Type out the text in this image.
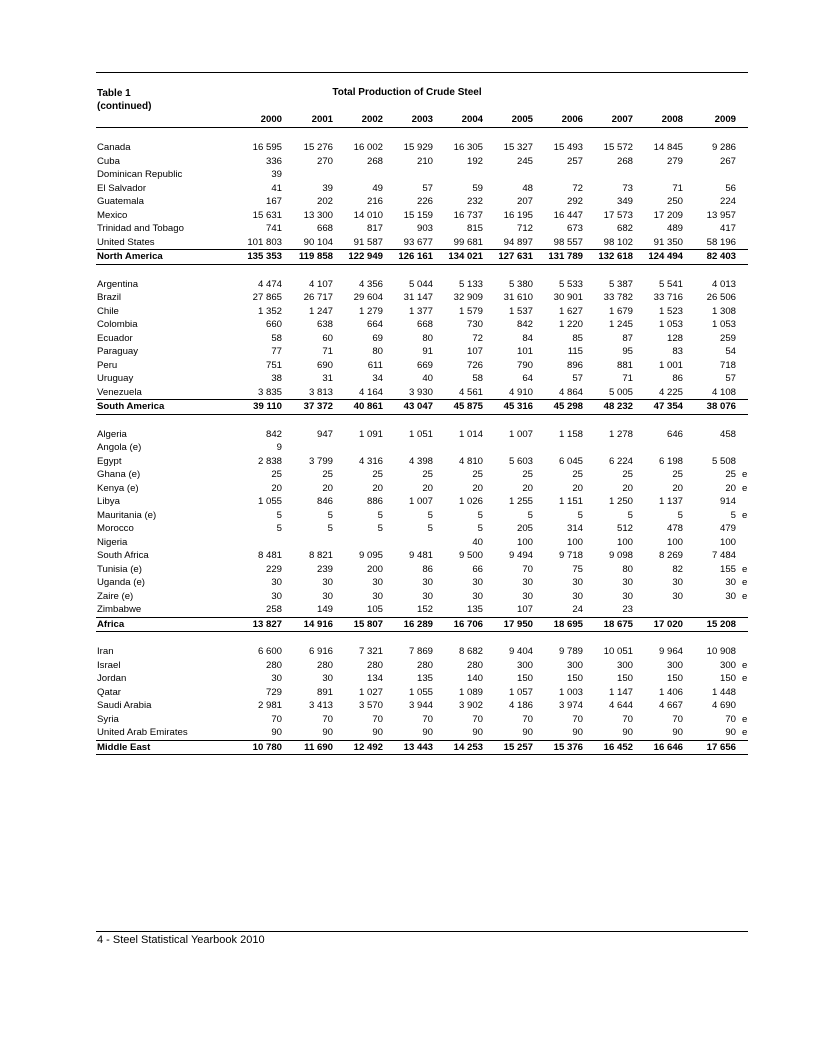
Table 1
(continued)
Total Production of Crude Steel
	2000	2001	2002	2003	2004	2005	2006	2007	2008	2009	

Canada	16 595	15 276	16 002	15 929	16 305	15 327	15 493	15 572	14 845	9 286	
Cuba	336	270	268	210	192	245	257	268	279	267	
Dominican Republic	39										
El Salvador	41	39	49	57	59	48	72	73	71	56	
Guatemala	167	202	216	226	232	207	292	349	250	224	
Mexico	15 631	13 300	14 010	15 159	16 737	16 195	16 447	17 573	17 209	13 957	
Trinidad and Tobago	741	668	817	903	815	712	673	682	489	417	
United States	101 803	90 104	91 587	93 677	99 681	94 897	98 557	98 102	91 350	58 196	
North America	135 353	119 858	122 949	126 161	134 021	127 631	131 789	132 618	124 494	82 403	

Argentina	4 474	4 107	4 356	5 044	5 133	5 380	5 533	5 387	5 541	4 013	
Brazil	27 865	26 717	29 604	31 147	32 909	31 610	30 901	33 782	33 716	26 506	
Chile	1 352	1 247	1 279	1 377	1 579	1 537	1 627	1 679	1 523	1 308	
Colombia	660	638	664	668	730	842	1 220	1 245	1 053	1 053	
Ecuador	58	60	69	80	72	84	85	87	128	259	
Paraguay	77	71	80	91	107	101	115	95	83	54	
Peru	751	690	611	669	726	790	896	881	1 001	718	
Uruguay	38	31	34	40	58	64	57	71	86	57	
Venezuela	3 835	3 813	4 164	3 930	4 561	4 910	4 864	5 005	4 225	4 108	
South America	39 110	37 372	40 861	43 047	45 875	45 316	45 298	48 232	47 354	38 076	

Algeria	842	947	1 091	1 051	1 014	1 007	1 158	1 278	646	458	
Angola (e)	9										
Egypt	2 838	3 799	4 316	4 398	4 810	5 603	6 045	6 224	6 198	5 508	
Ghana (e)	25	25	25	25	25	25	25	25	25	25	e
Kenya (e)	20	20	20	20	20	20	20	20	20	20	e
Libya	1 055	846	886	1 007	1 026	1 255	1 151	1 250	1 137	914	
Mauritania (e)	5	5	5	5	5	5	5	5	5	5	e
Morocco	5	5	5	5	5	205	314	512	478	479	
Nigeria					40	100	100	100	100	100	
South Africa	8 481	8 821	9 095	9 481	9 500	9 494	9 718	9 098	8 269	7 484	
Tunisia (e)	229	239	200	86	66	70	75	80	82	155	e
Uganda (e)	30	30	30	30	30	30	30	30	30	30	e
Zaire (e)	30	30	30	30	30	30	30	30	30	30	e
Zimbabwe	258	149	105	152	135	107	24	23			
Africa	13 827	14 916	15 807	16 289	16 706	17 950	18 695	18 675	17 020	15 208	

Iran	6 600	6 916	7 321	7 869	8 682	9 404	9 789	10 051	9 964	10 908	
Israel	280	280	280	280	280	300	300	300	300	300	e
Jordan	30	30	134	135	140	150	150	150	150	150	e
Qatar	729	891	1 027	1 055	1 089	1 057	1 003	1 147	1 406	1 448	
Saudi Arabia	2 981	3 413	3 570	3 944	3 902	4 186	3 974	4 644	4 667	4 690	
Syria	70	70	70	70	70	70	70	70	70	70	e
United Arab Emirates	90	90	90	90	90	90	90	90	90	90	e
Middle East	10 780	11 690	12 492	13 443	14 253	15 257	15 376	16 452	16 646	17 656	
4 - Steel Statistical Yearbook 2010
